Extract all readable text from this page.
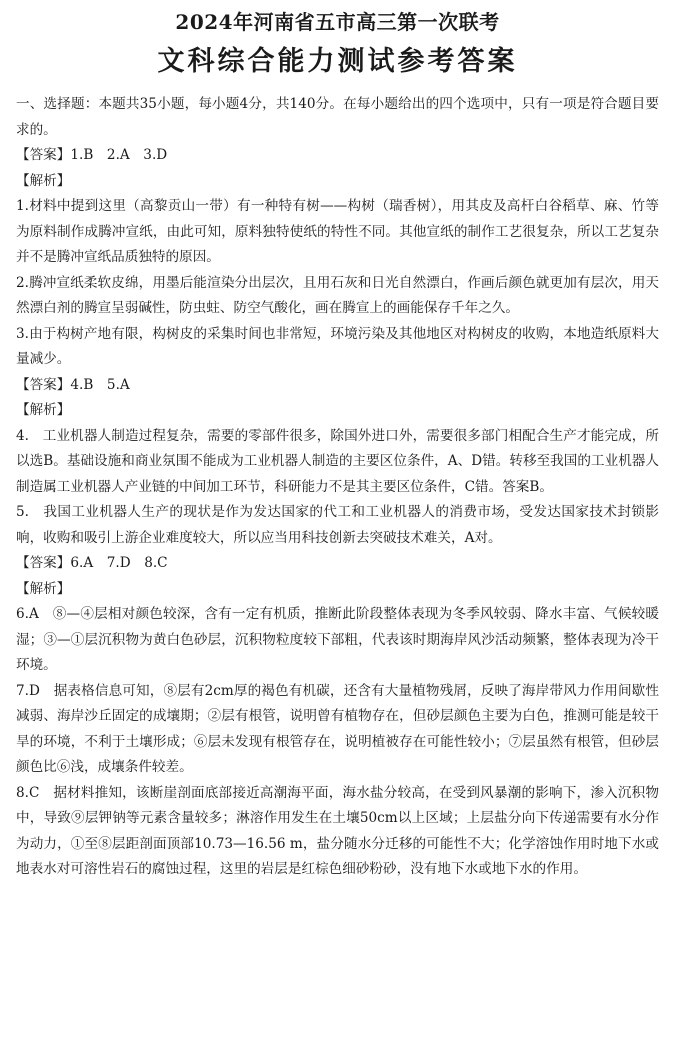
2024年河南省五市高三第一次联考
文科综合能力测试参考答案

一、选择题：本题共35小题，每小题4分，共140分。在每小题给出的四个选项中，只有一项是符合题目要求的。

【答案】1.B　2.A　3.D

【解析】

1.材料中提到这里（高黎贡山一带）有一种特有树——构树（瑞香树），用其皮及高杆白谷稻草、麻、竹等为原料制作成腾冲宣纸，由此可知，原料独特使纸的特性不同。其他宣纸的制作工艺很复杂，所以工艺复杂并不是腾冲宣纸品质独特的原因。

2.腾冲宣纸柔软皮绵，用墨后能渲染分出层次，且用石灰和日光自然漂白，作画后颜色就更加有层次，用天然漂白剂的腾宣呈弱碱性，防虫蛀、防空气酸化，画在腾宣上的画能保存千年之久。

3.由于构树产地有限，构树皮的采集时间也非常短，环境污染及其他地区对构树皮的收购，本地造纸原料大量减少。

【答案】4.B　5.A

【解析】

4.　工业机器人制造过程复杂，需要的零部件很多，除国外进口外，需要很多部门相配合生产才能完成，所以选B。基础设施和商业氛围不能成为工业机器人制造的主要区位条件，A、D错。转移至我国的工业机器人制造属工业机器人产业链的中间加工环节，科研能力不是其主要区位条件，C错。答案B。

5.　我国工业机器人生产的现状是作为发达国家的代工和工业机器人的消费市场，受发达国家技术封锁影响，收购和吸引上游企业难度较大，所以应当用科技创新去突破技术难关，A对。

【答案】6.A　7.D　8.C

【解析】

6.A　⑧—④层相对颜色较深，含有一定有机质，推断此阶段整体表现为冬季风较弱、降水丰富、气候较暖湿；③—①层沉积物为黄白色砂层，沉积物粒度较下部粗，代表该时期海岸风沙活动频繁，整体表现为冷干环境。

7.D　据表格信息可知，⑧层有2cm厚的褐色有机碳，还含有大量植物残屑，反映了海岸带风力作用间歇性减弱、海岸沙丘固定的成壤期；②层有根管，说明曾有植物存在，但砂层颜色主要为白色，推测可能是较干旱的环境，不利于土壤形成；⑥层未发现有根管存在，说明植被存在可能性较小；⑦层虽然有根管，但砂层颜色比⑥浅，成壤条件较差。

8.C　据材料推知，该断崖剖面底部接近高潮海平面，海水盐分较高，在受到风暴潮的影响下，渗入沉积物中，导致⑨层钾钠等元素含量较多；淋溶作用发生在土壤50cm以上区域；上层盐分向下传递需要有水分作为动力，①至⑧层距剖面顶部10.73—16.56 m，盐分随水分迁移的可能性不大；化学溶蚀作用时地下水或地表水对可溶性岩石的腐蚀过程，这里的岩层是红棕色细砂粉砂，没有地下水或地下水的作用。
